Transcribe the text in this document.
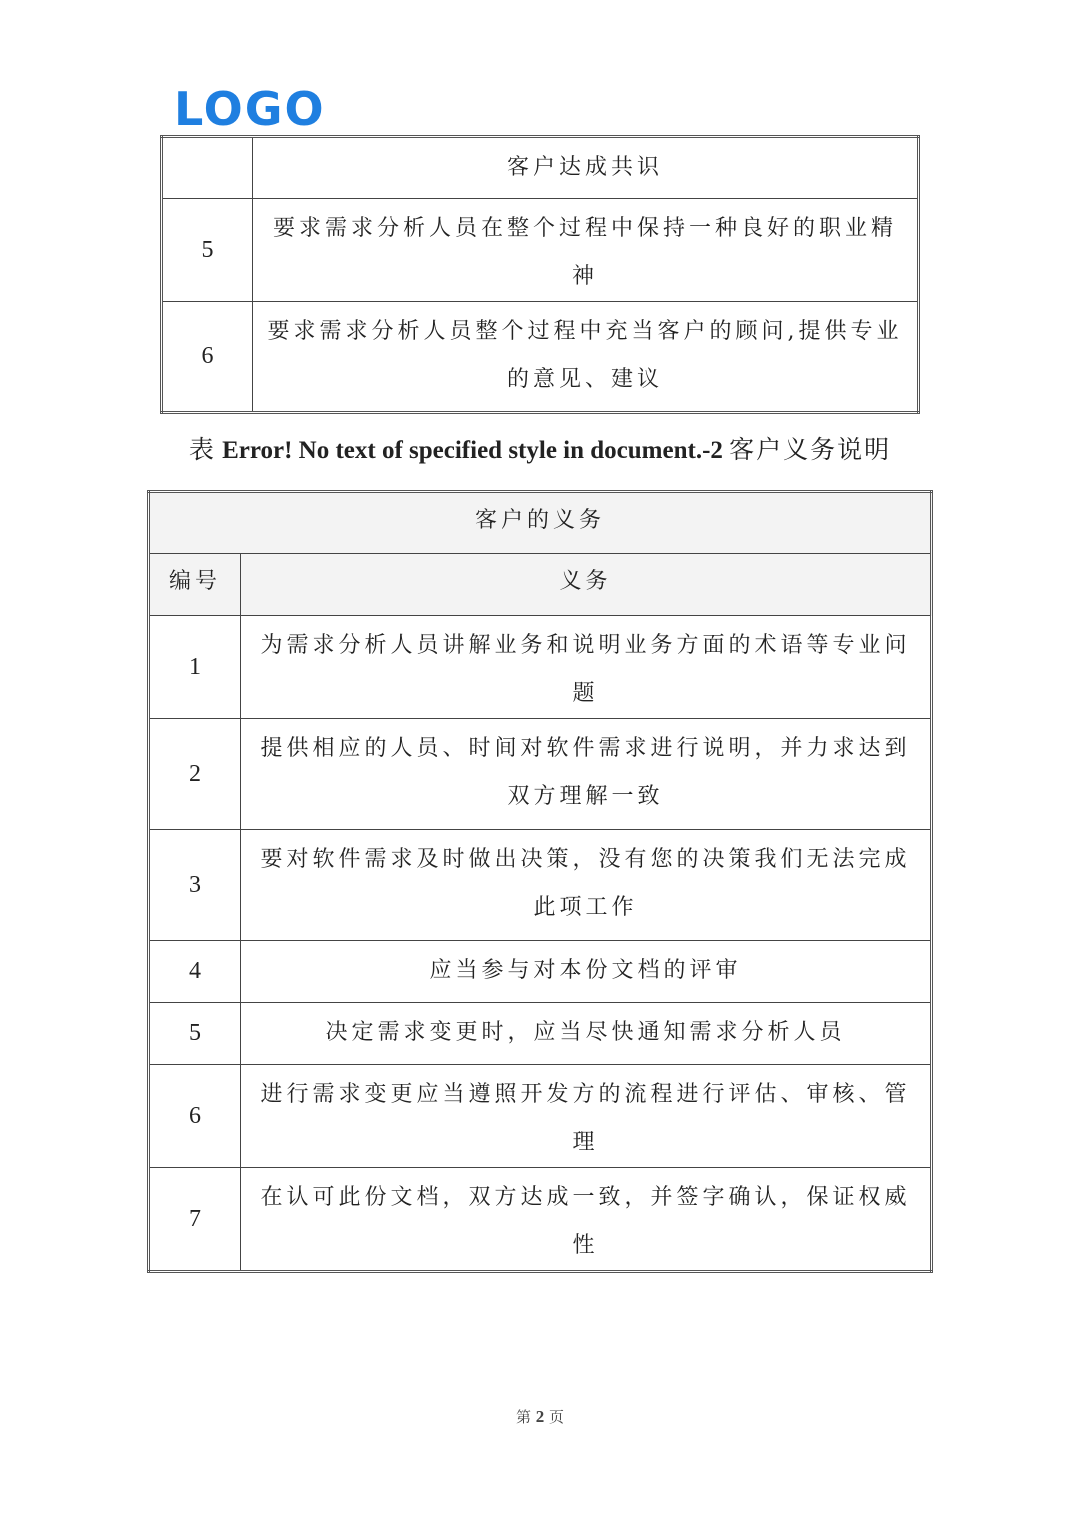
LOGO
	客户达成共识
5	要求需求分析人员在整个过程中保持一种良好的职业精神
6	要求需求分析人员整个过程中充当客户的顾问,提供专业的意见、建议
表 Error! No text of specified style in document.-2 客户义务说明
客户的义务	
编号	义务
1	为需求分析人员讲解业务和说明业务方面的术语等专业问题
2	提供相应的人员、时间对软件需求进行说明，并力求达到双方理解一致
3	要对软件需求及时做出决策，没有您的决策我们无法完成此项工作
4	应当参与对本份文档的评审
5	决定需求变更时，应当尽快通知需求分析人员
6	进行需求变更应当遵照开发方的流程进行评估、审核、管理
7	在认可此份文档，双方达成一致，并签字确认，保证权威性
第 2 页
